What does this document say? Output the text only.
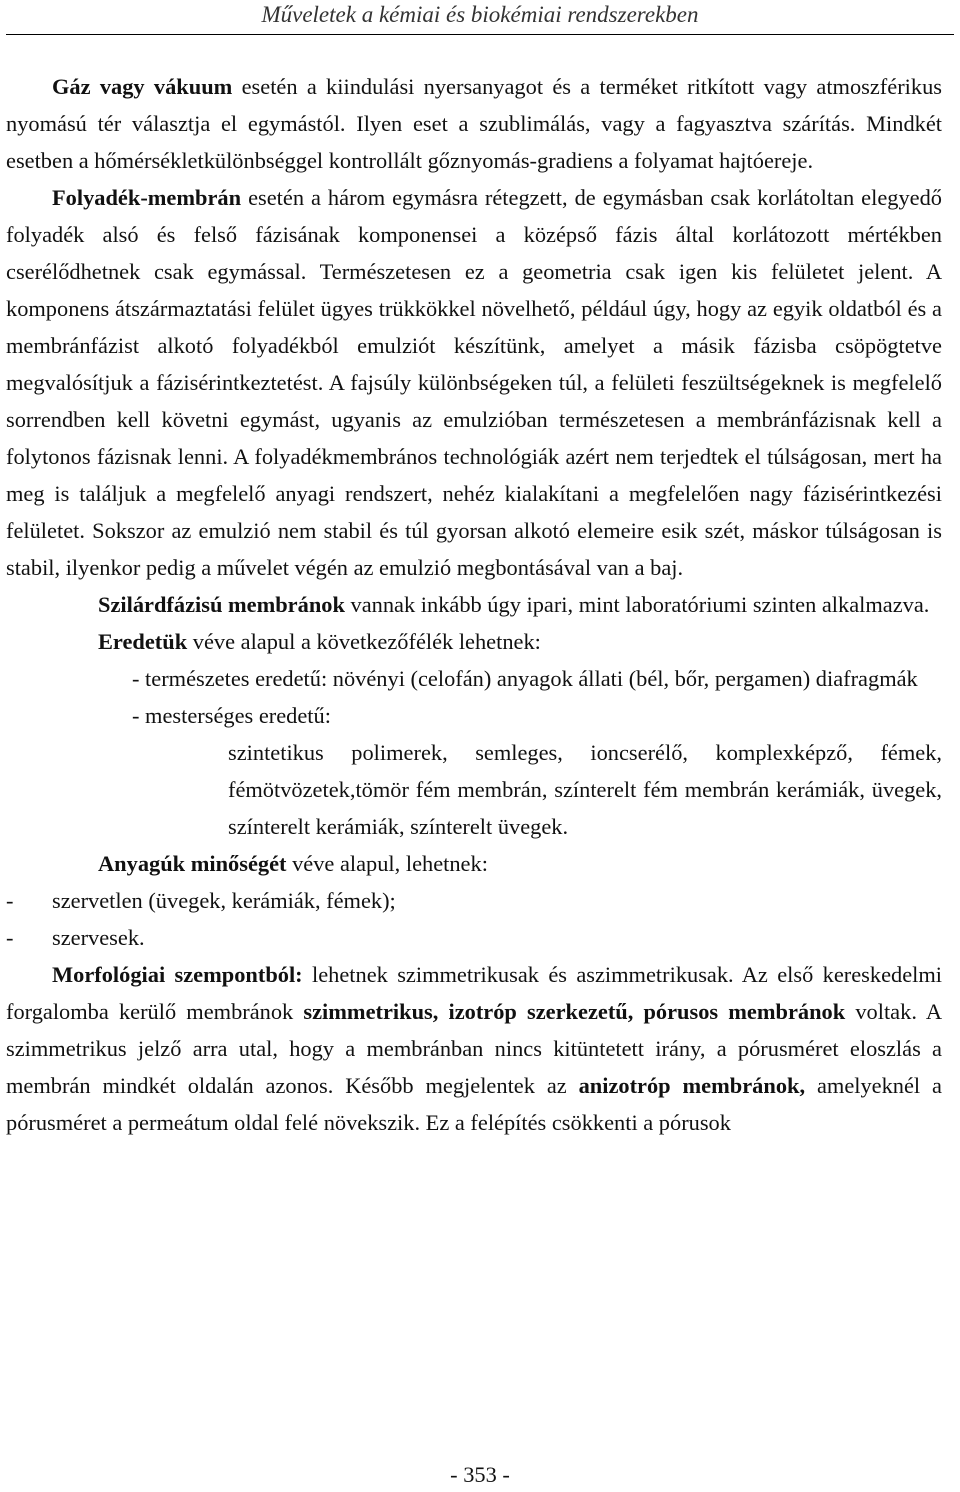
Műveletek a kémiai és biokémiai rendszerekben

Gáz vagy vákuum esetén a kiindulási nyersanyagot és a terméket ritkított vagy atmoszférikus nyomású tér választja el egymástól. Ilyen eset a szublimálás, vagy a fagyasztva szárítás. Mindkét esetben a hőmérsékletkülönbséggel kontrollált gőznyomás-gradiens a folyamat hajtóereje.

Folyadék-membrán esetén a három egymásra rétegzett, de egymásban csak korlátoltan elegyedő folyadék alsó és felső fázisának komponensei a középső fázis által korlátozott mértékben cserélődhetnek csak egymással. Természetesen ez a geometria csak igen kis felületet jelent. A komponens átszármaztatási felület ügyes trükkökkel növelhető, például úgy, hogy az egyik oldatból és a membránfázist alkotó folyadékból emulziót készítünk, amelyet a másik fázisba csöpögtetve megvalósítjuk a fázisérintkeztetést. A fajsúly különbségeken túl, a felületi feszültségeknek is megfelelő sorrendben kell követni egymást, ugyanis az emulzióban természetesen a membránfázisnak kell a folytonos fázisnak lenni. A folyadékmembrános technológiák azért nem terjedtek el túlságosan, mert ha meg is találjuk a megfelelő anyagi rendszert, nehéz kialakítani a megfelelően nagy fázisérintkezési felületet. Sokszor az emulzió nem stabil és túl gyorsan alkotó elemeire esik szét, máskor túlságosan is stabil, ilyenkor pedig a művelet végén az emulzió megbontásával van a baj.

Szilárdfázisú membránok vannak inkább úgy ipari, mint laboratóriumi szinten alkalmazva.

Eredetük véve alapul a következőfélék lehetnek:

- természetes eredetű: növényi (celofán) anyagok állati (bél, bőr, pergamen) diafragmák

- mesterséges eredetű:

szintetikus polimerek, semleges, ioncserélő, komplexképző, fémek, fémötvözetek,tömör fém membrán, színterelt fém membrán kerámiák, üvegek, színterelt kerámiák, színterelt üvegek.

Anyagúk minőségét véve alapul, lehetnek:

- szervetlen (üvegek, kerámiák, fémek);

- szervesek.

Morfológiai szempontból: lehetnek szimmetrikusak és aszimmetrikusak. Az első kereskedelmi forgalomba kerülő membránok szimmetrikus, izotróp szerkezetű, pórusos membránok voltak. A szimmetrikus jelző arra utal, hogy a membránban nincs kitüntetett irány, a pórusméret eloszlás a membrán mindkét oldalán azonos. Később megjelentek az anizotróp membránok, amelyeknél a pórusméret a permeátum oldal felé növekszik. Ez a felépítés csökkenti a pórusok

- 353 -
